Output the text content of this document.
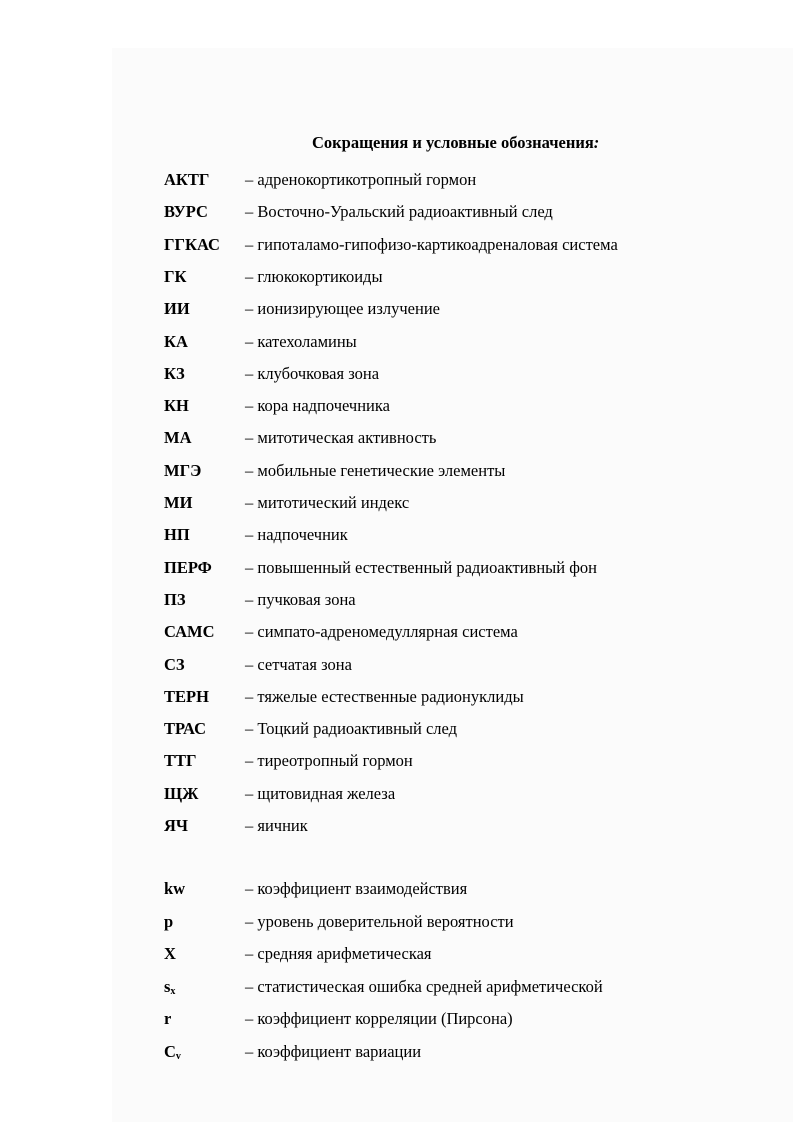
Сокращения и условные обозначения:
АКТГ – адренокортикотропный гормон
ВУРС – Восточно-Уральский радиоактивный след
ГГКАС – гипоталамо-гипофизо-картикоадреналовая система
ГК	– глюкокортикоиды
ИИ	– ионизирующее излучение
КА	– катехоламины
КЗ	– клубочковая зона
КН	– кора надпочечника
МА	– митотическая активность
МГЭ	– мобильные генетические элементы
МИ	– митотический индекс
НП	– надпочечник
ПЕРФ – повышенный естественный радиоактивный фон
ПЗ	– пучковая зона
САМС – симпато-адреномедуллярная система
СЗ	– сетчатая зона
ТЕРН – тяжелые естественные радионуклиды
ТРАС – Тоцкий радиоактивный след
ТТГ	– тиреотропный гормон
ЩЖ	– щитовидная железа
ЯЧ	– яичник
kw	– коэффициент взаимодействия
p	– уровень доверительной вероятности
X	– средняя арифметическая
$s_x$	– статистическая ошибка средней арифметической
r	– коэффициент корреляции (Пирсона)
$C_v$	– коэффициент вариации
